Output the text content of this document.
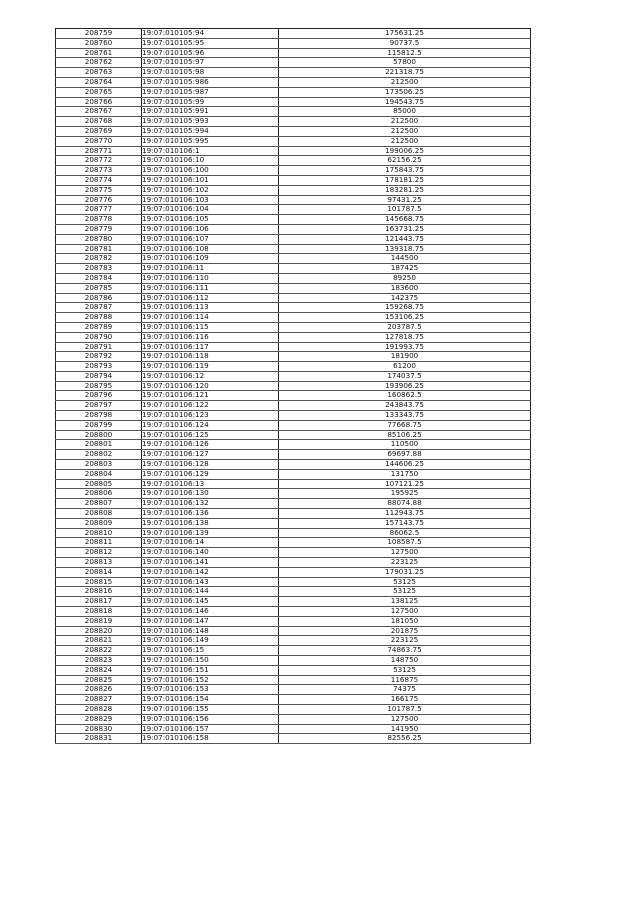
208759	19:07:010105:94	175631.25
208760	19:07:010105:95	90737.5
208761	19:07:010105:96	115812.5
208762	19:07:010105:97	57800
208763	19:07:010105:98	221318.75
208764	19:07:010105:986	212500
208765	19:07:010105:987	173506.25
208766	19:07:010105:99	194543.75
208767	19:07:010105:991	85000
208768	19:07:010105:993	212500
208769	19:07:010105:994	212500
208770	19:07:010105:995	212500
208771	19:07:010106:1	199006.25
208772	19:07:010106:10	62156.25
208773	19:07:010106:100	175843.75
208774	19:07:010106:101	178181.25
208775	19:07:010106:102	183281.25
208776	19:07:010106:103	97431.25
208777	19:07:010106:104	101787.5
208778	19:07:010106:105	145668.75
208779	19:07:010106:106	163731.25
208780	19:07:010106:107	121443.75
208781	19:07:010106:108	139318.75
208782	19:07:010106:109	144500
208783	19:07:010106:11	187425
208784	19:07:010106:110	89250
208785	19:07:010106:111	183600
208786	19:07:010106:112	142375
208787	19:07:010106:113	159268.75
208788	19:07:010106:114	153106.25
208789	19:07:010106:115	203787.5
208790	19:07:010106:116	127818.75
208791	19:07:010106:117	191993.75
208792	19:07:010106:118	181900
208793	19:07:010106:119	61200
208794	19:07:010106:12	174037.5
208795	19:07:010106:120	193906.25
208796	19:07:010106:121	160862.5
208797	19:07:010106:122	243843.75
208798	19:07:010106:123	133343.75
208799	19:07:010106:124	77668.75
208800	19:07:010106:125	85106.25
208801	19:07:010106:126	110500
208802	19:07:010106:127	69697.88
208803	19:07:010106:128	144606.25
208804	19:07:010106:129	131750
208805	19:07:010106:13	107121.25
208806	19:07:010106:130	195925
208807	19:07:010106:132	88074.88
208808	19:07:010106:136	112943.75
208809	19:07:010106:138	157143.75
208810	19:07:010106:139	86062.5
208811	19:07:010106:14	108587.5
208812	19:07:010106:140	127500
208813	19:07:010106:141	223125
208814	19:07:010106:142	179031.25
208815	19:07:010106:143	53125
208816	19:07:010106:144	53125
208817	19:07:010106:145	138125
208818	19:07:010106:146	127500
208819	19:07:010106:147	181050
208820	19:07:010106:148	201875
208821	19:07:010106:149	223125
208822	19:07:010106:15	74863.75
208823	19:07:010106:150	148750
208824	19:07:010106:151	53125
208825	19:07:010106:152	116875
208826	19:07:010106:153	74375
208827	19:07:010106:154	166175
208828	19:07:010106:155	101787.5
208829	19:07:010106:156	127500
208830	19:07:010106:157	141950
208831	19:07:010106:158	82556.25
